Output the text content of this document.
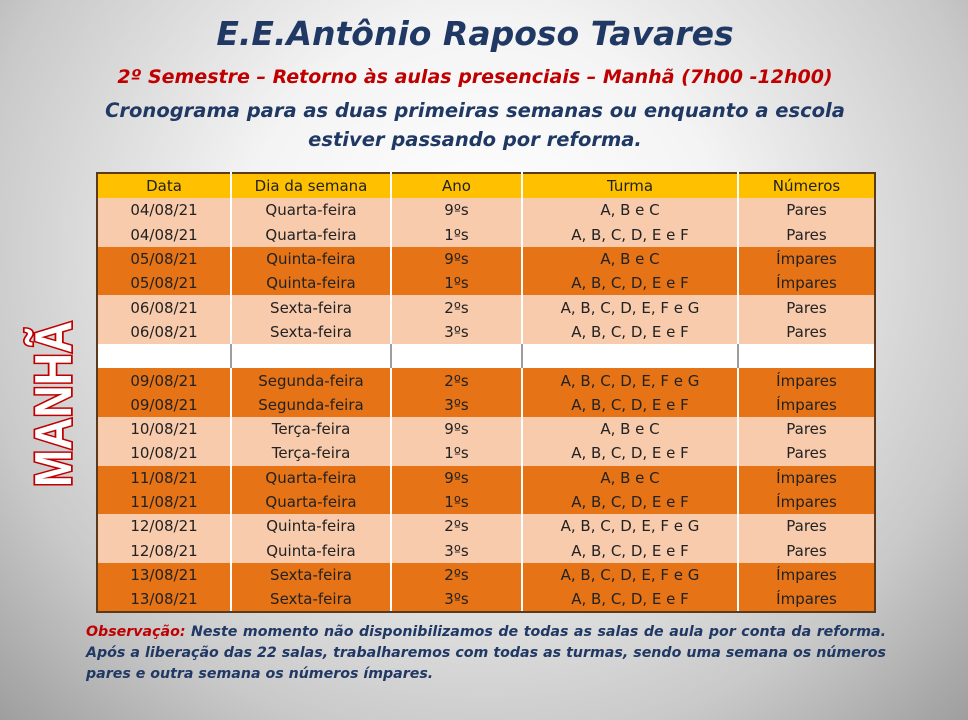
E.E.Antônio Raposo Tavares
2º Semestre – Retorno às aulas presenciais – Manhã (7h00 -12h00)
Cronograma para as duas primeiras semanas ou enquanto a escola estiver passando por reforma.
MANHÃ
Data	Dia da semana	Ano	Turma	Números
04/08/21	Quarta-feira	9ºs	A, B e C	Pares
04/08/21	Quarta-feira	1ºs	A, B, C, D, E e F	Pares
05/08/21	Quinta-feira	9ºs	A, B e C	Ímpares
05/08/21	Quinta-feira	1ºs	A, B, C, D, E e F	Ímpares
06/08/21	Sexta-feira	2ºs	A, B, C, D, E, F e G	Pares
06/08/21	Sexta-feira	3ºs	A, B, C, D, E e F	Pares

09/08/21	Segunda-feira	2ºs	A, B, C, D, E, F e G	Ímpares
09/08/21	Segunda-feira	3ºs	A, B, C, D, E e F	Ímpares
10/08/21	Terça-feira	9ºs	A, B e C	Pares
10/08/21	Terça-feira	1ºs	A, B, C, D, E e F	Pares
11/08/21	Quarta-feira	9ºs	A, B e C	Ímpares
11/08/21	Quarta-feira	1ºs	A, B, C, D, E e F	Ímpares
12/08/21	Quinta-feira	2ºs	A, B, C, D, E, F e G	Pares
12/08/21	Quinta-feira	3ºs	A, B, C, D, E e F	Pares
13/08/21	Sexta-feira	2ºs	A, B, C, D, E, F e G	Ímpares
13/08/21	Sexta-feira	3ºs	A, B, C, D, E e F	Ímpares
Observação: Neste momento não disponibilizamos de todas as salas de aula por conta da reforma. Após a liberação das 22 salas, trabalharemos com todas as turmas, sendo uma semana os números pares e outra semana os números ímpares.
